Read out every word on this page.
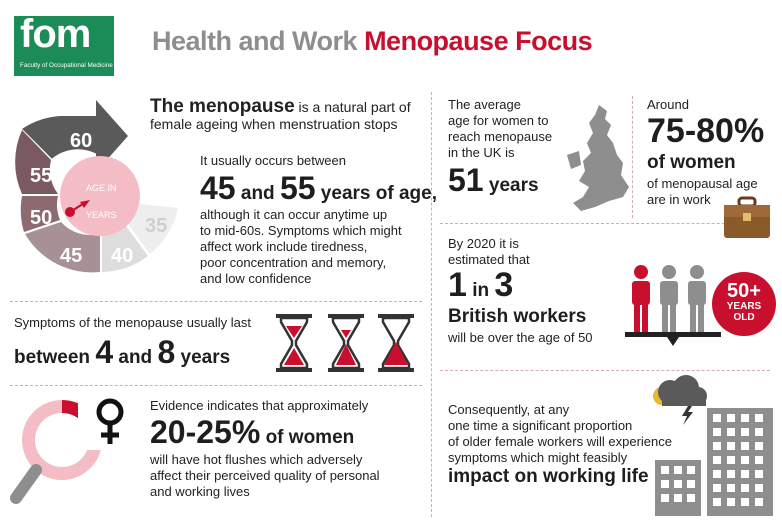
fom
Faculty of Occupational Medicine
Health and Work Menopause Focus
60
55
50
45 40
35
AGE IN
YEARS
The menopause is a natural part of
female ageing when menstruation stops
It usually occurs between
45 and 55 years of age,
although it can occur anytime up
to mid-60s. Symptoms which might
affect work include tiredness,
poor concentration and memory,
and low confidence
Symptoms of the menopause usually last
between 4 and 8 years
Evidence indicates that approximately
20-25% of women
will have hot flushes which adversely
affect their perceived quality of personal
and working lives
The average
age for women to
reach menopause
in the UK is
51 years
Around
75-80%
of women
of menopausal age
are in work
By 2020 it is
estimated that
1 in 3
British workers
will be over the age of 50
50+
YEARS
OLD
Consequently, at any
one time a significant proportion
of older female workers will experience
symptoms which might feasibly
impact on working life
